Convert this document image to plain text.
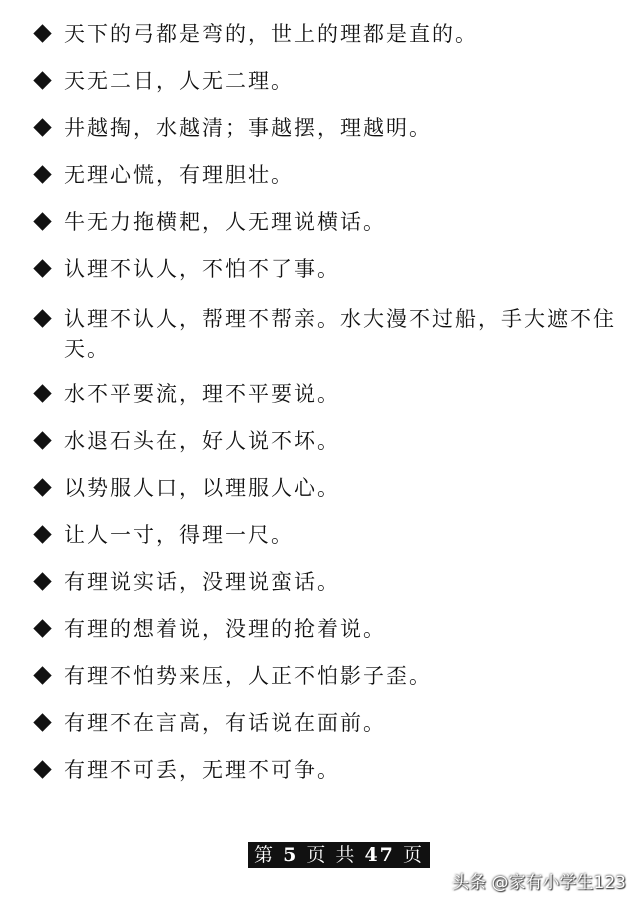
天下的弓都是弯的，世上的理都是直的。
天无二日，人无二理。
井越掏，水越清；事越摆，理越明。
无理心慌，有理胆壮。
牛无力拖横耙，人无理说横话。
认理不认人，不怕不了事。
认理不认人，帮理不帮亲。水大漫不过船，手大遮不住天。
水不平要流，理不平要说。
水退石头在，好人说不坏。
以势服人口，以理服人心。
让人一寸，得理一尺。
有理说实话，没理说蛮话。
有理的想着说，没理的抢着说。
有理不怕势来压，人正不怕影子歪。
有理不在言高，有话说在面前。
有理不可丢，无理不可争。
第 5 页 共 47 页
头条 @家有小学生123
